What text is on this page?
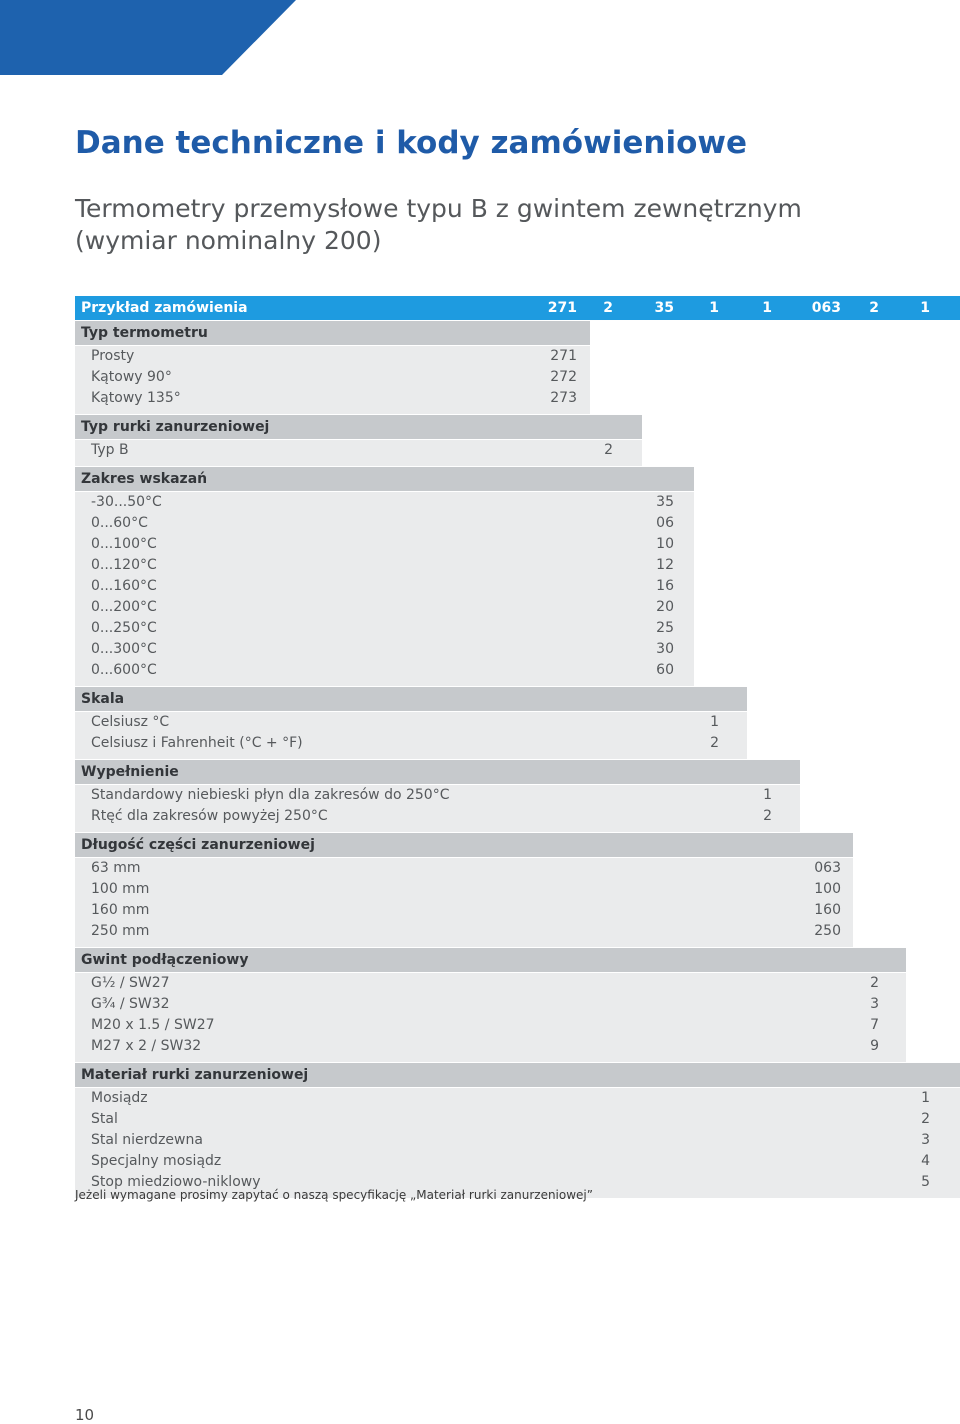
Dane techniczne i kody zamówieniowe
Termometry przemysłowe typu B z gwintem zewnętrznym
(wymiar nominalny 200)
Przykład zamówienia	271	2	35	1	1	063	2	1
Typ termometru
Prosty	271
Kątowy 90°	272
Kątowy 135°	273
Typ rurki zanurzeniowej
Typ B	2
Zakres wskazań
-30...50°C	35
0...60°C	06
0...100°C	10
0...120°C	12
0...160°C	16
0...200°C	20
0...250°C	25
0...300°C	30
0...600°C	60
Skala
Celsiusz °C	1
Celsiusz i Fahrenheit (°C + °F)	2
Wypełnienie
Standardowy niebieski płyn dla zakresów do 250°C	1
Rtęć dla zakresów powyżej 250°C	2
Długość części zanurzeniowej
63 mm	063
100 mm	100
160 mm	160
250 mm	250
Gwint podłączeniowy
G½ / SW27	2
G¾ / SW32	3
M20 x 1.5 / SW27	7
M27 x 2 / SW32	9
Materiał rurki zanurzeniowej
Mosiądz	1
Stal	2
Stal nierdzewna	3
Specjalny mosiądz	4
Stop miedziowo-niklowy	5
Jeżeli wymagane prosimy zapytać o naszą specyfikację „Materiał rurki zanurzeniowej”
10
